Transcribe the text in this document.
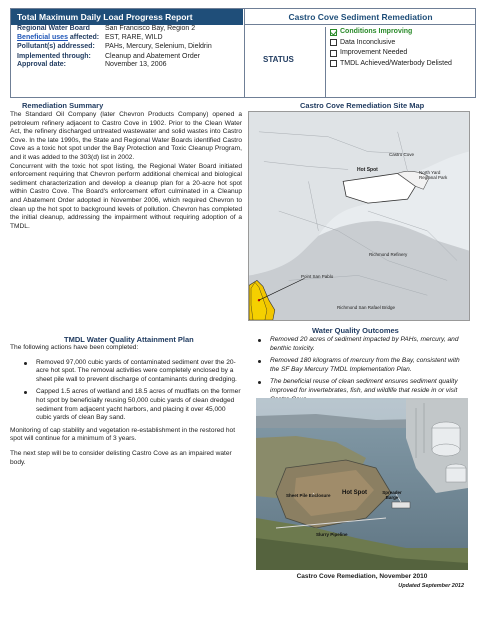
Total Maximum Daily Load Progress Report	Castro Cove Sediment Remediation
Regional Water Board	San Francisco Bay, Region 2
Beneficial uses affected: EST, RARE, WILD
Pollutant(s) addressed:	PAHs, Mercury, Selenium, Dieldrin
Implemented through:	Cleanup and Abatement Order
Approval date:	November 13, 2006
STATUS
Conditions Improving
Data Inconclusive
Improvement Needed
TMDL Achieved/Waterbody Delisted
Remediation Summary

The Standard Oil Company (later Chevron Products Company) opened a petroleum refinery adjacent to Castro Cove in 1902. Prior to the Clean Water Act, the refinery discharged untreated wastewater and solid wastes into Castro Cove. In the late 1990s, the State and Regional Water Boards identified Castro Cove as a toxic hot spot under the Bay Protection and Toxic Cleanup Program, and it was added to the 303(d) list in 2002.

Concurrent with the toxic hot spot listing, the Regional Water Board initiated enforcement requiring that Chevron perform additional chemical and biological sediment characterization and develop a cleanup plan for a 20-acre hot spot within Castro Cove. The Board's enforcement effort culminated in a Cleanup and Abatement Order adopted in November 2006, which required Chevron to clean up the hot spot to background levels of pollution. Chevron has completed the initial cleanup, addressing the impairment without requiring adoption of a TMDL.

Castro Cove Remediation Site Map
Hot Spot
Castro Cove
Richmond Refinery
Richmond San Rafael Bridge
Point San Pablo
North Yard Regional Park
TMDL Water Quality Attainment Plan

The following actions have been completed:

Removed 97,000 cubic yards of contaminated sediment over the 20-acre hot spot. The removal activities were completely enclosed by a sheet pile wall to prevent discharge of contaminants during dredging.
Capped 1.5 acres of wetland and 18.5 acres of mudflats on the former hot spot by beneficially reusing 50,000 cubic yards of clean dredged sediment from adjacent yacht harbors, and placing it over 45,000 cubic yards of clean Bay sand.

Monitoring of cap stability and vegetation re-establishment in the restored hot spot will continue for a minimum of 3 years.

The next step will be to consider delisting Castro Cove as an impaired water body.

Water Quality Outcomes
Removed 20 acres of sediment impacted by PAHs, mercury, and benthic toxicity.
Removed 180 kilograms of mercury from the Bay, consistent with the SF Bay Mercury TMDL Implementation Plan.
The beneficial reuse of clean sediment ensures sediment quality improved for invertebrates, fish, and wildlife that reside in or visit
Sheet Pile Enclosure Hot Spot	Spreader Barge
Slurry Pipeline
Castro Cove Remediation, November 2010
Updated September 2012
